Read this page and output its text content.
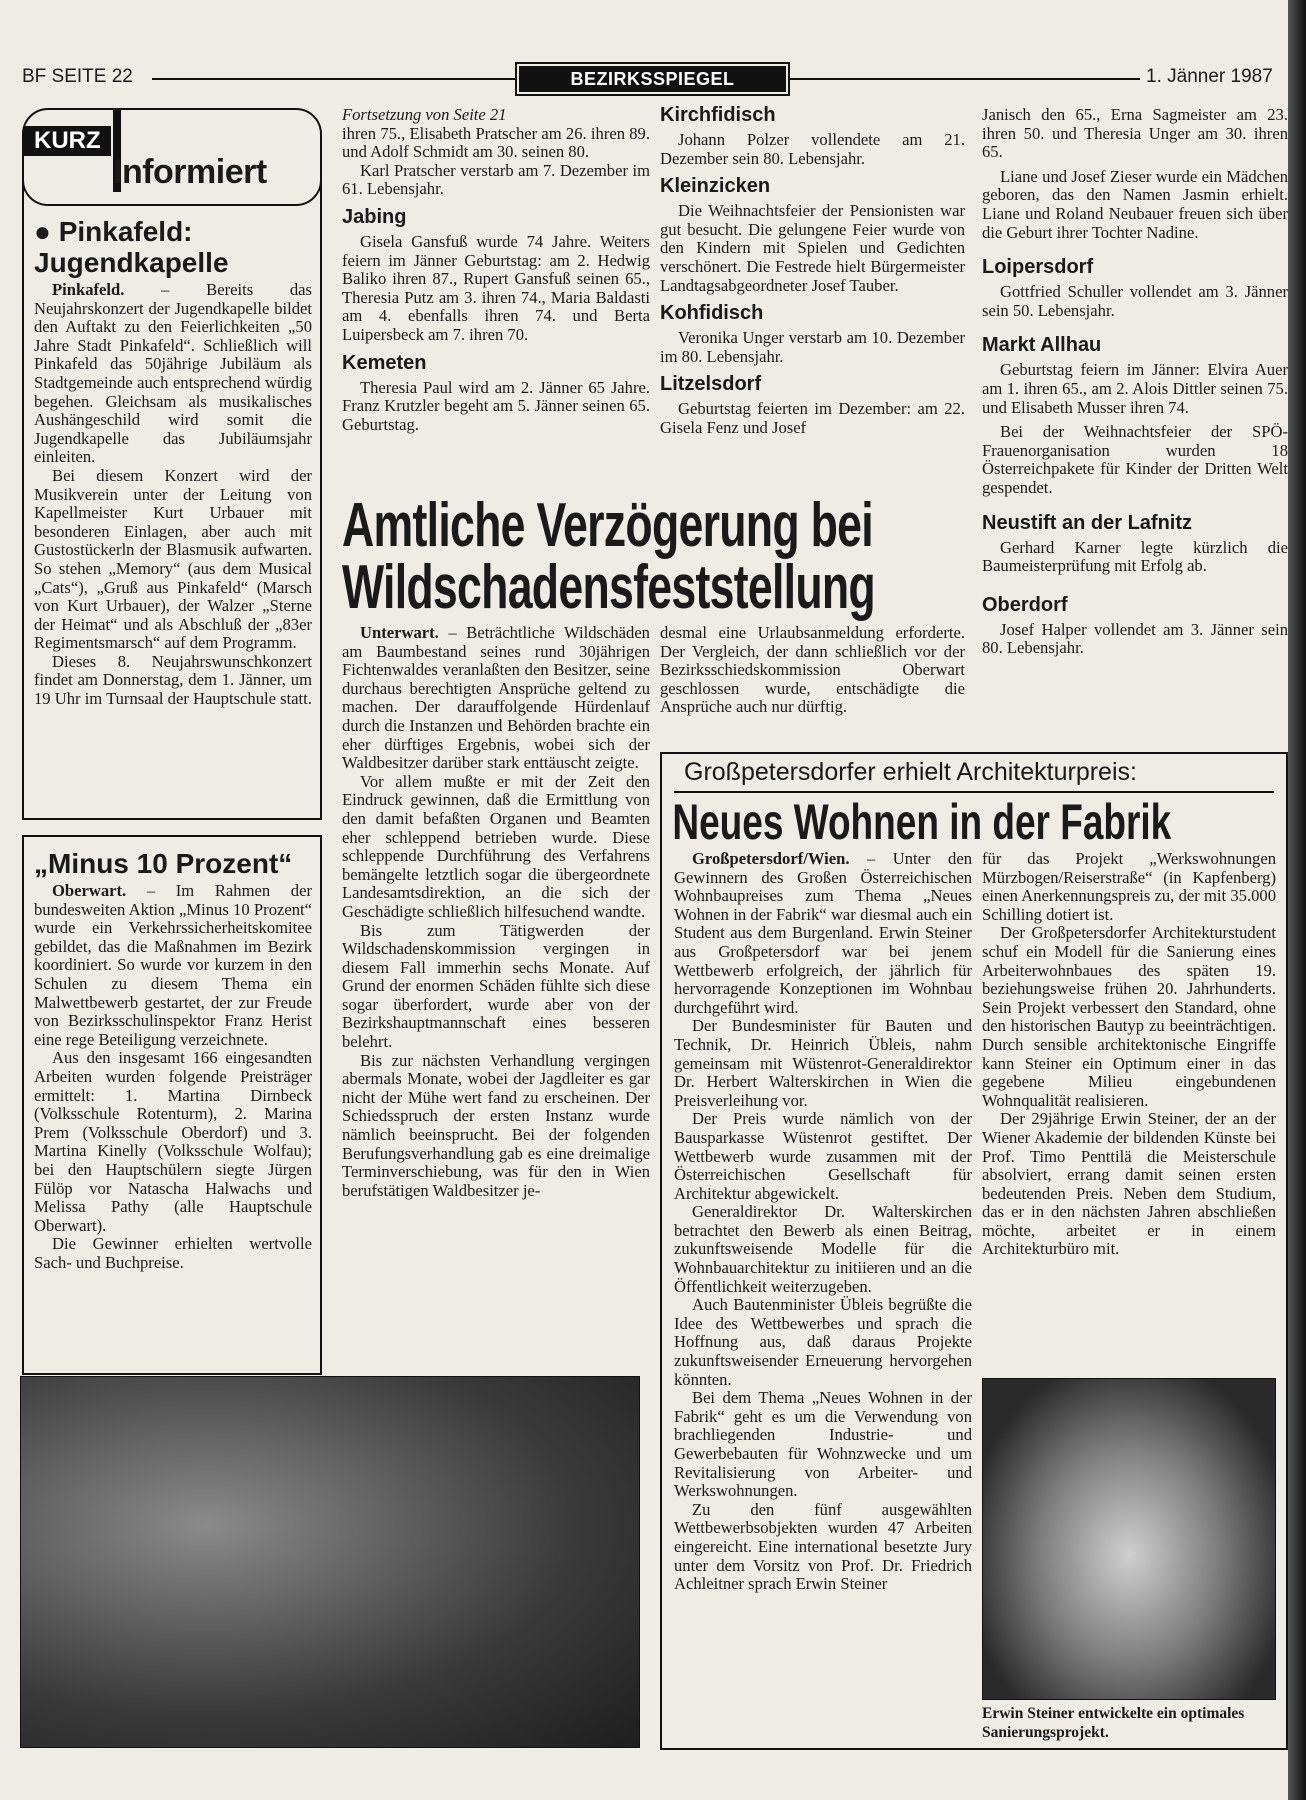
BF SEITE 22	BEZIRKSSPIEGEL	1. Jänner 1987
KURZ
Informiert
● Pinkafeld: Jugendkapelle

Pinkafeld. – Bereits das Neujahrskonzert der Jugendkapelle bildet den Auftakt zu den Feierlichkeiten „50 Jahre Stadt Pinkafeld“. Schließlich will Pinkafeld das 50jährige Jubiläum als Stadtgemeinde auch entsprechend würdig begehen. Gleichsam als musikalisches Aushängeschild wird somit die Jugendkapelle das Jubiläumsjahr einleiten.

Bei diesem Konzert wird der Musikverein unter der Leitung von Kapellmeister Kurt Urbauer mit besonderen Einlagen, aber auch mit Gustostückerln der Blasmusik aufwarten. So stehen „Memory“ (aus dem Musical „Cats“), „Gruß aus Pinkafeld“ (Marsch von Kurt Urbauer), der Walzer „Sterne der Heimat“ und als Abschluß der „83er Regimentsmarsch“ auf dem Programm.

Dieses 8. Neujahrswunschkonzert findet am Donnerstag, dem 1. Jänner, um 19 Uhr im Turnsaal der Hauptschule statt.

„Minus 10 Prozent“

Oberwart. – Im Rahmen der bundesweiten Aktion „Minus 10 Prozent“ wurde ein Verkehrssicherheitskomitee gebildet, das die Maßnahmen im Bezirk koordiniert. So wurde vor kurzem in den Schulen zu diesem Thema ein Malwettbewerb gestartet, der zur Freude von Bezirksschulinspektor Franz Herist eine rege Beteiligung verzeichnete.

Aus den insgesamt 166 eingesandten Arbeiten wurden folgende Preisträger ermittelt: 1. Martina Dirnbeck (Volksschule Rotenturm), 2. Marina Prem (Volksschule Oberdorf) und 3. Martina Kinelly (Volksschule Wolfau); bei den Hauptschülern siegte Jürgen Fülöp vor Natascha Halwachs und Melissa Pathy (alle Hauptschule Oberwart).

Die Gewinner erhielten wertvolle Sach- und Buchpreise.

Fortsetzung von Seite 21

ihren 75., Elisabeth Pratscher am 26. ihren 89. und Adolf Schmidt am 30. seinen 80.

Karl Pratscher verstarb am 7. Dezember im 61. Lebensjahr.

Jabing

Gisela Gansfuß wurde 74 Jahre. Weiters feiern im Jänner Geburtstag: am 2. Hedwig Baliko ihren 87., Rupert Gansfuß seinen 65., Theresia Putz am 3. ihren 74., Maria Baldasti am 4. ebenfalls ihren 74. und Berta Luipersbeck am 7. ihren 70.

Kemeten

Theresia Paul wird am 2. Jänner 65 Jahre. Franz Krutzler begeht am 5. Jänner seinen 65. Geburtstag.

Kirchfidisch

Johann Polzer vollendete am 21. Dezember sein 80. Lebensjahr.

Kleinzicken

Die Weihnachtsfeier der Pensionisten war gut besucht. Die gelungene Feier wurde von den Kindern mit Spielen und Gedichten verschönert. Die Festrede hielt Bürgermeister Landtagsabgeordneter Josef Tauber.

Kohfidisch

Veronika Unger verstarb am 10. Dezember im 80. Lebensjahr.

Litzelsdorf

Geburtstag feierten im Dezember: am 22. Gisela Fenz und Josef

Janisch den 65., Erna Sagmeister am 23. ihren 50. und Theresia Unger am 30. ihren 65.

Liane und Josef Zieser wurde ein Mädchen geboren, das den Namen Jasmin erhielt. Liane und Roland Neubauer freuen sich über die Geburt ihrer Tochter Nadine.

Loipersdorf

Gottfried Schuller vollendet am 3. Jänner sein 50. Lebensjahr.

Markt Allhau

Geburtstag feiern im Jänner: Elvira Auer am 1. ihren 65., am 2. Alois Dittler seinen 75. und Elisabeth Musser ihren 74.

Bei der Weihnachtsfeier der SPÖ-Frauenorganisation wurden 18 Österreichpakete für Kinder der Dritten Welt gespendet.

Neustift an der Lafnitz

Gerhard Karner legte kürzlich die Baumeisterprüfung mit Erfolg ab.

Oberdorf

Josef Halper vollendet am 3. Jänner sein 80. Lebensjahr.

Amtliche Verzögerung bei
Wildschadensfeststellung

Unterwart. – Beträchtliche Wildschäden am Baumbestand seines rund 30jährigen Fichtenwaldes veranlaßten den Besitzer, seine durchaus berechtigten Ansprüche geltend zu machen. Der darauffolgende Hürdenlauf durch die Instanzen und Behörden brachte ein eher dürftiges Ergebnis, wobei sich der Waldbesitzer darüber stark enttäuscht zeigte.

Vor allem mußte er mit der Zeit den Eindruck gewinnen, daß die Ermittlung von den damit befaßten Organen und Beamten eher schleppend betrieben wurde. Diese schleppende Durchführung des Verfahrens bemängelte letztlich sogar die übergeordnete Landesamtsdirektion, an die sich der Geschädigte schließlich hilfesuchend wandte.

Bis zum Tätigwerden der Wildschadenskommission vergingen in diesem Fall immerhin sechs Monate. Auf Grund der enormen Schäden fühlte sich diese sogar überfordert, wurde aber von der Bezirkshauptmannschaft eines besseren belehrt.

Bis zur nächsten Verhandlung vergingen abermals Monate, wobei der Jagdleiter es gar nicht der Mühe wert fand zu erscheinen. Der Schiedsspruch der ersten Instanz wurde nämlich beeinsprucht. Bei der folgenden Berufungsverhandlung gab es eine dreimalige Terminverschiebung, was für den in Wien berufstätigen Waldbesitzer je-

desmal eine Urlaubsanmeldung erforderte. Der Vergleich, der dann schließlich vor der Bezirksschiedskommission Oberwart geschlossen wurde, entschädigte die Ansprüche auch nur dürftig.

Großpetersdorfer erhielt Architekturpreis:
Neues Wohnen in der Fabrik

Großpetersdorf/Wien. – Unter den Gewinnern des Großen Österreichischen Wohnbaupreises zum Thema „Neues Wohnen in der Fabrik“ war diesmal auch ein Student aus dem Burgenland. Erwin Steiner aus Großpetersdorf war bei jenem Wettbewerb erfolgreich, der jährlich für hervorragende Konzeptionen im Wohnbau durchgeführt wird.

Der Bundesminister für Bauten und Technik, Dr. Heinrich Übleis, nahm gemeinsam mit Wüstenrot-Generaldirektor Dr. Herbert Walterskirchen in Wien die Preisverleihung vor.

Der Preis wurde nämlich von der Bausparkasse Wüstenrot gestiftet. Der Wettbewerb wurde zusammen mit der Österreichischen Gesellschaft für Architektur abgewickelt.

Generaldirektor Dr. Walterskirchen betrachtet den Bewerb als einen Beitrag, zukunftsweisende Modelle für die Wohnbauarchitektur zu initiieren und an die Öffentlichkeit weiterzugeben.

Auch Bautenminister Übleis begrüßte die Idee des Wettbewerbes und sprach die Hoffnung aus, daß daraus Projekte zukunftsweisender Erneuerung hervorgehen könnten.

Bei dem Thema „Neues Wohnen in der Fabrik“ geht es um die Verwendung von brachliegenden Industrie- und Gewerbebauten für Wohnzwecke und um Revitalisierung von Arbeiter- und Werkswohnungen.

Zu den fünf ausgewählten Wettbewerbsobjekten wurden 47 Arbeiten eingereicht. Eine international besetzte Jury unter dem Vorsitz von Prof. Dr. Friedrich Achleitner sprach Erwin Steiner

für das Projekt „Werkswohnungen Mürzbogen/Reiserstraße“ (in Kapfenberg) einen Anerkennungspreis zu, der mit 35.000 Schilling dotiert ist.

Der Großpetersdorfer Architekturstudent schuf ein Modell für die Sanierung eines Arbeiterwohnbaues des späten 19. beziehungsweise frühen 20. Jahrhunderts. Sein Projekt verbessert den Standard, ohne den historischen Bautyp zu beeinträchtigen. Durch sensible architektonische Eingriffe kann Steiner ein Optimum einer in das gegebene Milieu eingebundenen Wohnqualität realisieren.

Der 29jährige Erwin Steiner, der an der Wiener Akademie der bildenden Künste bei Prof. Timo Penttilä die Meisterschule absolviert, errang damit seinen ersten bedeutenden Preis. Neben dem Studium, das er in den nächsten Jahren abschließen möchte, arbeitet er in einem Architekturbüro mit.

Erwin Steiner entwickelte ein optimales Sanierungsprojekt.
